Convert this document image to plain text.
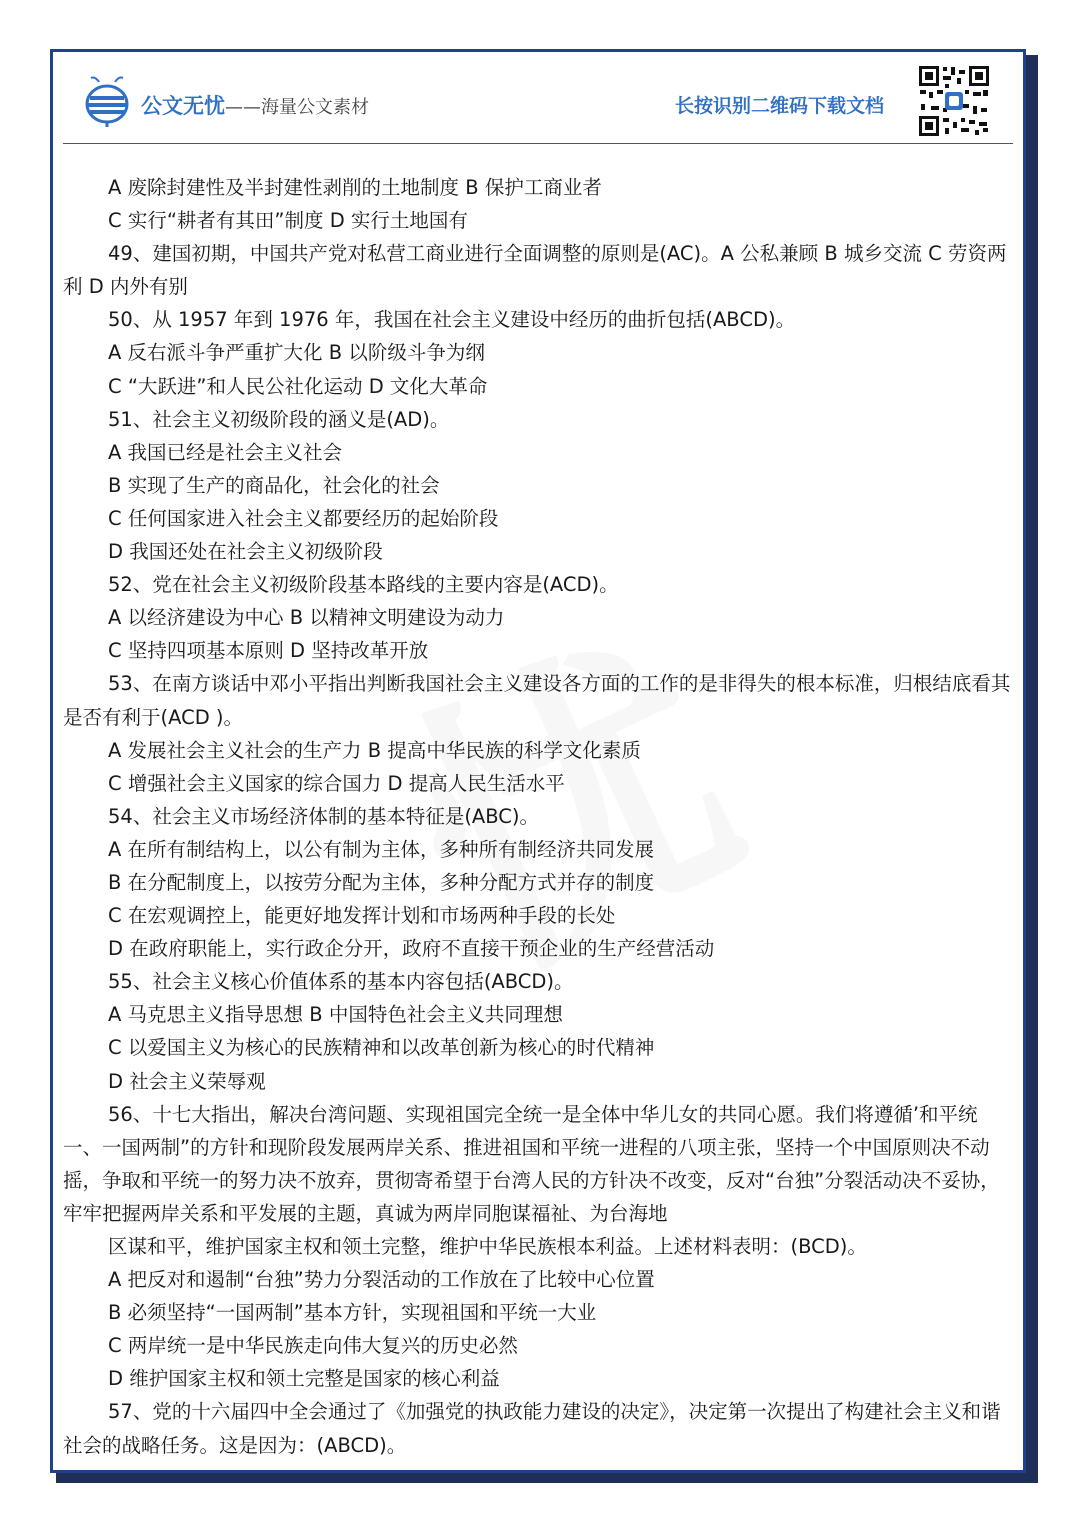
公文无忧——海量公文素材	长按识别二维码下载文档

A 废除封建性及半封建性剥削的土地制度 B 保护工商业者

C 实行“耕者有其田”制度 D 实行土地国有

49、建国初期，中国共产党对私营工商业进行全面调整的原则是(AC)。A 公私兼顾 B 城乡交流 C 劳资两利 D 内外有别

50、从 1957 年到 1976 年，我国在社会主义建设中经历的曲折包括(ABCD)。

A 反右派斗争严重扩大化 B 以阶级斗争为纲

C “大跃进”和人民公社化运动 D 文化大革命

51、社会主义初级阶段的涵义是(AD)。

A 我国已经是社会主义社会

B 实现了生产的商品化，社会化的社会

C 任何国家进入社会主义都要经历的起始阶段

D 我国还处在社会主义初级阶段

52、党在社会主义初级阶段基本路线的主要内容是(ACD)。

A 以经济建设为中心 B 以精神文明建设为动力

C 坚持四项基本原则 D 坚持改革开放

53、在南方谈话中邓小平指出判断我国社会主义建设各方面的工作的是非得失的根本标准，归根结底看其是否有利于(ACD )。

A 发展社会主义社会的生产力 B 提高中华民族的科学文化素质

C 增强社会主义国家的综合国力 D 提高人民生活水平

54、社会主义市场经济体制的基本特征是(ABC)。

A 在所有制结构上，以公有制为主体，多种所有制经济共同发展

B 在分配制度上，以按劳分配为主体，多种分配方式并存的制度

C 在宏观调控上，能更好地发挥计划和市场两种手段的长处

D 在政府职能上，实行政企分开，政府不直接干预企业的生产经营活动

55、社会主义核心价值体系的基本内容包括(ABCD)。

A 马克思主义指导思想 B 中国特色社会主义共同理想

C 以爱国主义为核心的民族精神和以改革创新为核心的时代精神

D 社会主义荣辱观

56、十七大指出，解决台湾问题、实现祖国完全统一是全体中华儿女的共同心愿。我们将遵循’和平统一、一国两制”的方针和现阶段发展两岸关系、推进祖国和平统一进程的八项主张，坚持一个中国原则决不动摇，争取和平统一的努力决不放弃，贯彻寄希望于台湾人民的方针决不改变，反对“台独”分裂活动决不妥协，牢牢把握两岸关系和平发展的主题，真诚为两岸同胞谋福祉、为台海地

区谋和平，维护国家主权和领土完整，维护中华民族根本利益。上述材料表明：(BCD)。

A 把反对和遏制“台独”势力分裂活动的工作放在了比较中心位置

B 必须坚持“一国两制”基本方针，实现祖国和平统一大业

C 两岸统一是中华民族走向伟大复兴的历史必然

D 维护国家主权和领土完整是国家的核心利益

57、党的十六届四中全会通过了《加强党的执政能力建设的决定》，决定第一次提出了构建社会主义和谐社会的战略任务。这是因为：(ABCD)。
